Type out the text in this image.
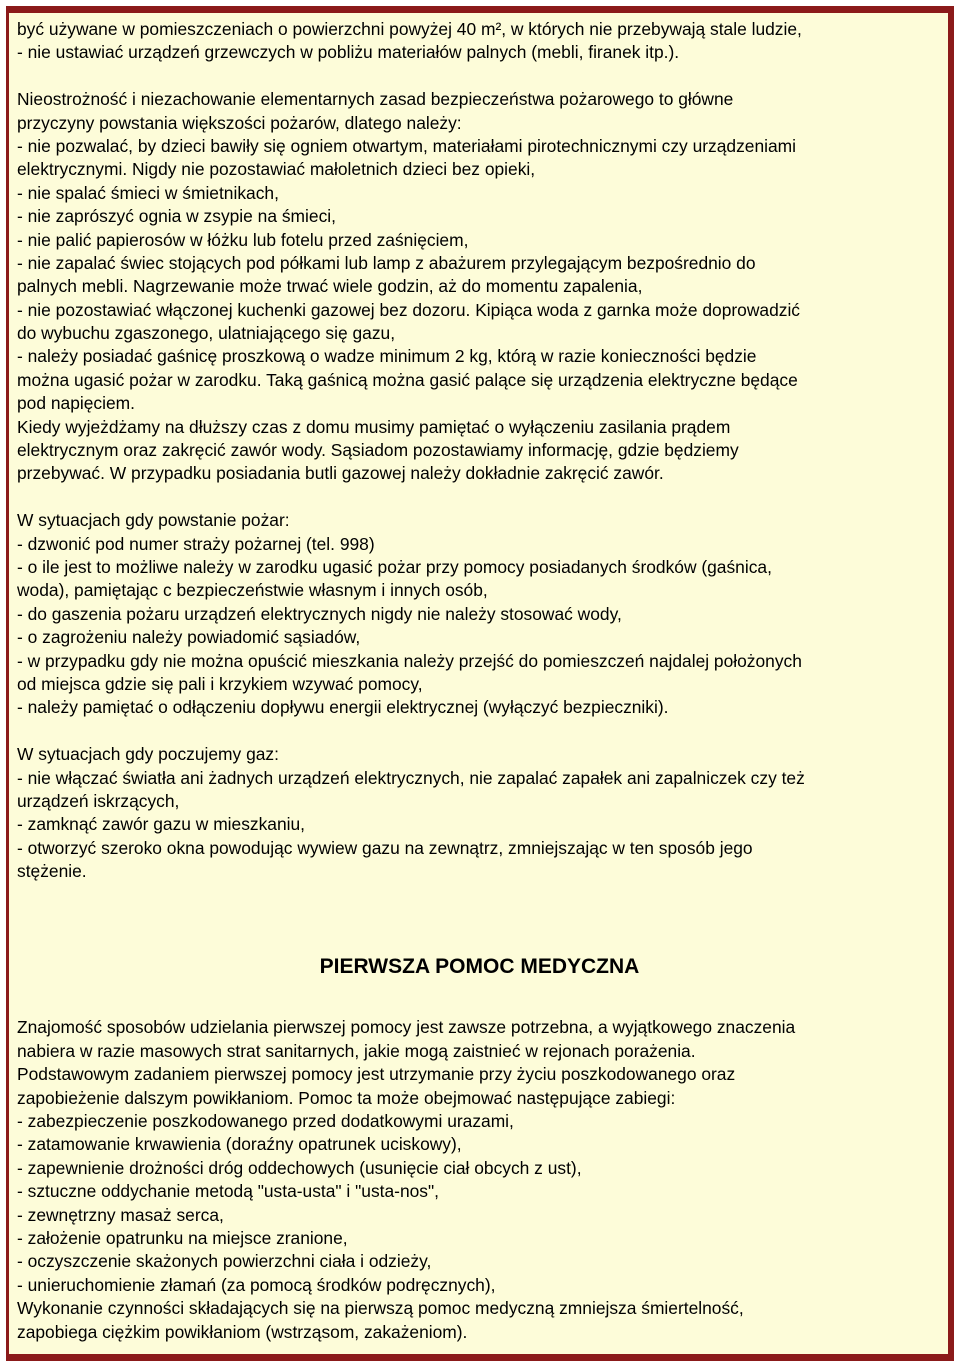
być używane w pomieszczeniach o powierzchni powyżej 40 m², w których nie przebywają stale ludzie,
- nie ustawiać urządzeń grzewczych w pobliżu materiałów palnych (mebli, firanek itp.).
Nieostrożność i niezachowanie elementarnych zasad bezpieczeństwa pożarowego to główne
przyczyny powstania większości pożarów, dlatego należy:
- nie pozwalać, by dzieci bawiły się ogniem otwartym, materiałami pirotechnicznymi czy urządzeniami
elektrycznymi. Nigdy nie pozostawiać małoletnich dzieci bez opieki,
- nie spalać śmieci w śmietnikach,
- nie zaprószyć ognia w zsypie na śmieci,
- nie palić papierosów w łóżku lub fotelu przed zaśnięciem,
- nie zapalać świec stojących pod półkami lub lamp z abażurem przylegającym bezpośrednio do
palnych mebli. Nagrzewanie może trwać wiele godzin, aż do momentu zapalenia,
- nie pozostawiać włączonej kuchenki gazowej bez dozoru. Kipiąca woda z garnka może doprowadzić
do wybuchu zgaszonego, ulatniającego się gazu,
- należy posiadać gaśnicę proszkową o wadze minimum 2 kg, którą w razie konieczności będzie
można ugasić pożar w zarodku. Taką gaśnicą można gasić palące się urządzenia elektryczne będące
pod napięciem.
Kiedy wyjeżdżamy na dłuższy czas z domu musimy pamiętać o wyłączeniu zasilania prądem
elektrycznym oraz zakręcić zawór wody. Sąsiadom pozostawiamy informację, gdzie będziemy
przebywać. W przypadku posiadania butli gazowej należy dokładnie zakręcić zawór.
W sytuacjach gdy powstanie pożar:
- dzwonić pod numer straży pożarnej (tel. 998)
- o ile jest to możliwe należy w zarodku ugasić pożar przy pomocy posiadanych środków (gaśnica,
woda), pamiętając c bezpieczeństwie własnym i innych osób,
- do gaszenia pożaru urządzeń elektrycznych nigdy nie należy stosować wody,
- o zagrożeniu należy powiadomić sąsiadów,
- w przypadku gdy nie można opuścić mieszkania należy przejść do pomieszczeń najdalej położonych
od miejsca gdzie się pali i krzykiem wzywać pomocy,
- należy pamiętać o odłączeniu dopływu energii elektrycznej (wyłączyć bezpieczniki).
W sytuacjach gdy poczujemy gaz:
- nie włączać światła ani żadnych urządzeń elektrycznych, nie zapalać zapałek ani zapalniczek czy też
urządzeń iskrzących,
- zamknąć zawór gazu w mieszkaniu,
- otworzyć szeroko okna powodując wywiew gazu na zewnątrz, zmniejszając w ten sposób jego
stężenie.
PIERWSZA POMOC MEDYCZNA
Znajomość sposobów udzielania pierwszej pomocy jest zawsze potrzebna, a wyjątkowego znaczenia
nabiera w razie masowych strat sanitarnych, jakie mogą zaistnieć w rejonach porażenia.
Podstawowym zadaniem pierwszej pomocy jest utrzymanie przy życiu poszkodowanego oraz
zapobieżenie dalszym powikłaniom. Pomoc ta może obejmować następujące zabiegi:
- zabezpieczenie poszkodowanego przed dodatkowymi urazami,
- zatamowanie krwawienia (doraźny opatrunek uciskowy),
- zapewnienie drożności dróg oddechowych (usunięcie ciał obcych z ust),
- sztuczne oddychanie metodą "usta-usta" i "usta-nos",
- zewnętrzny masaż serca,
- założenie opatrunku na miejsce zranione,
- oczyszczenie skażonych powierzchni ciała i odzieży,
- unieruchomienie złamań (za pomocą środków podręcznych),
Wykonanie czynności składających się na pierwszą pomoc medyczną zmniejsza śmiertelność,
zapobiega ciężkim powikłaniom (wstrząsom, zakażeniom).
